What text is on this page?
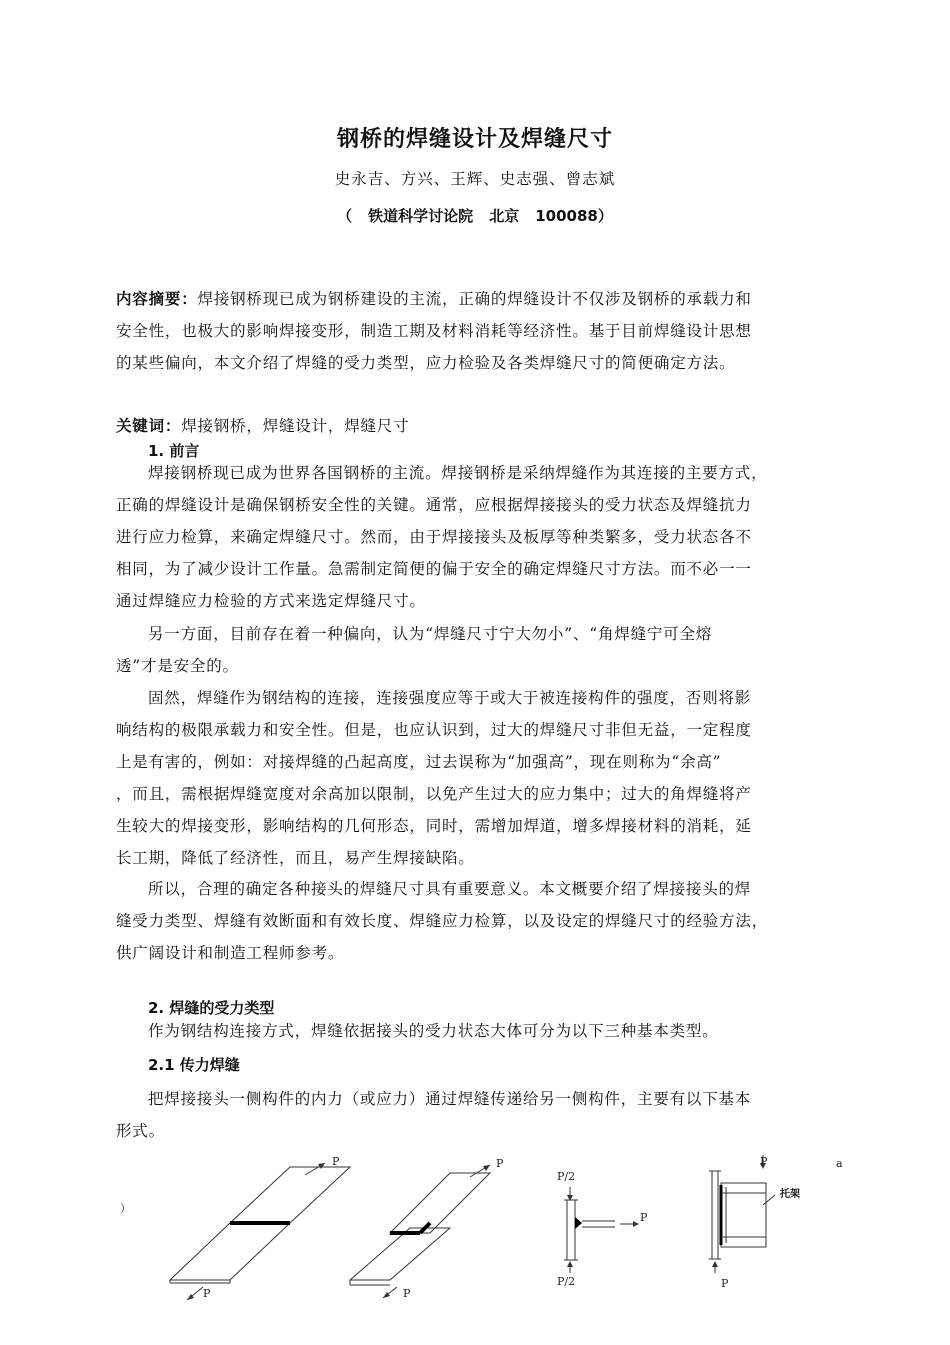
钢桥的焊缝设计及焊缝尺寸
史永吉、方兴、王辉、史志强、曾志斌
（ 铁道科学讨论院 北京 100088）
内容摘要：焊接钢桥现已成为钢桥建设的主流，正确的焊缝设计不仅涉及钢桥的承载力和
安全性，也极大的影响焊接变形，制造工期及材料消耗等经济性。基于目前焊缝设计思想
的某些偏向，本文介绍了焊缝的受力类型，应力检验及各类焊缝尺寸的简便确定方法。
关键词：焊接钢桥，焊缝设计，焊缝尺寸
1. 前言
焊接钢桥现已成为世界各国钢桥的主流。焊接钢桥是采纳焊缝作为其连接的主要方式，
正确的焊缝设计是确保钢桥安全性的关键。通常，应根据焊接接头的受力状态及焊缝抗力
进行应力检算，来确定焊缝尺寸。然而，由于焊接接头及板厚等种类繁多，受力状态各不
相同，为了减少设计工作量。急需制定简便的偏于安全的确定焊缝尺寸方法。而不必一一
通过焊缝应力检验的方式来选定焊缝尺寸。
另一方面，目前存在着一种偏向，认为“焊缝尺寸宁大勿小”、“角焊缝宁可全熔
透”才是安全的。
固然，焊缝作为钢结构的连接，连接强度应等于或大于被连接构件的强度，否则将影
响结构的极限承载力和安全性。但是，也应认识到，过大的焊缝尺寸非但无益，一定程度
上是有害的，例如：对接焊缝的凸起高度，过去误称为“加强高”，现在则称为“余高”
，而且，需根据焊缝宽度对余高加以限制，以免产生过大的应力集中；过大的角焊缝将产
生较大的焊接变形，影响结构的几何形态，同时，需增加焊道，增多焊接材料的消耗，延
长工期，降低了经济性，而且，易产生焊接缺陷。
所以，合理的确定各种接头的焊缝尺寸具有重要意义。本文概要介绍了焊接接头的焊
缝受力类型、焊缝有效断面和有效长度、焊缝应力检算，以及设定的焊缝尺寸的经验方法，
供广阔设计和制造工程师参考。
2. 焊缝的受力类型
作为钢结构连接方式，焊缝依据接头的受力状态大体可分为以下三种基本类型。
2.1 传力焊缝
把焊接接头一侧构件的内力（或应力）通过焊缝传递给另一侧构件，主要有以下基本
形式。
）
a
P
P
P
P
P/2
P
P/2
P
托架
P
